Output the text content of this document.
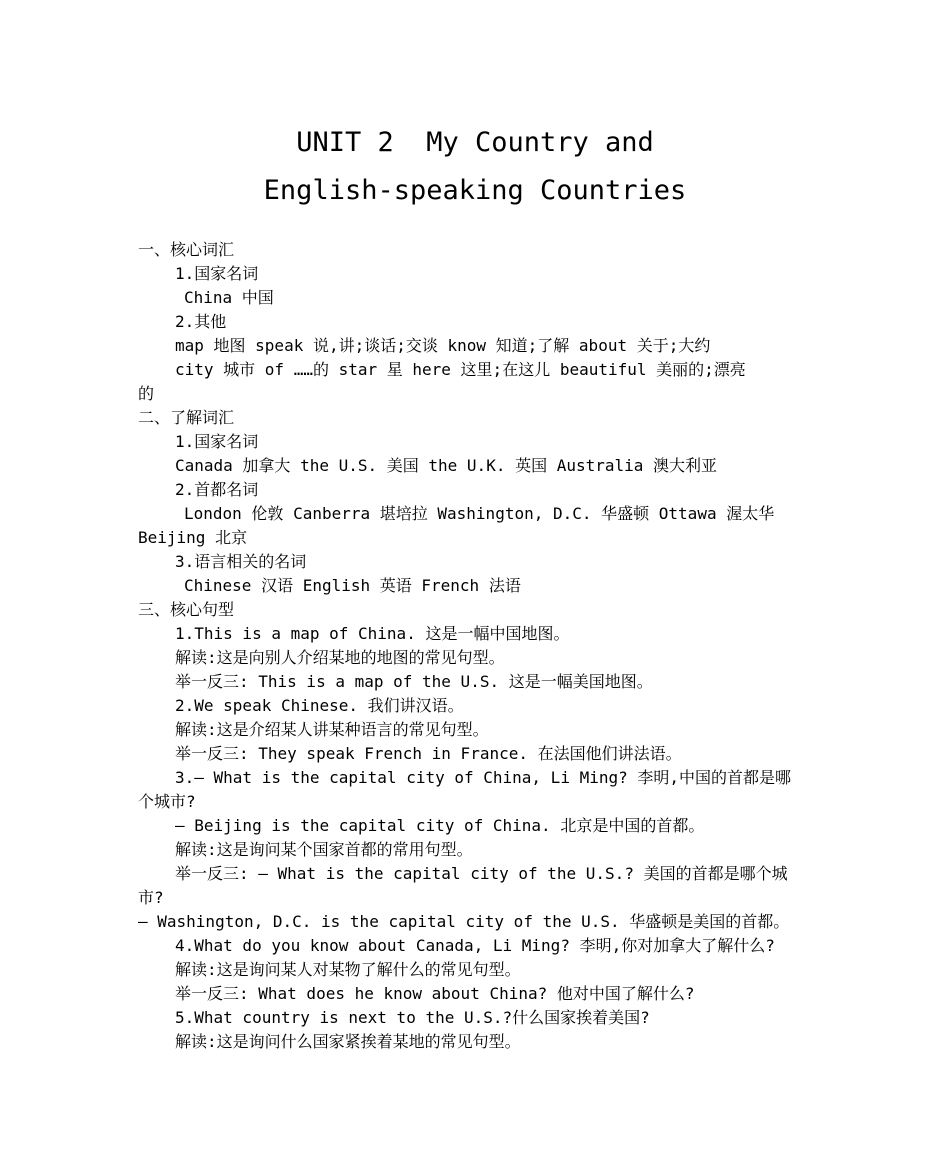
UNIT 2  My Country and
English-speaking Countries
一、核心词汇
1.国家名词
China 中国
2.其他
map 地图 speak 说,讲;谈话;交谈 know 知道;了解 about 关于;大约
city 城市 of ……的 star 星 here 这里;在这儿 beautiful 美丽的;漂亮
的
二、了解词汇
1.国家名词
Canada 加拿大 the U.S. 美国 the U.K. 英国 Australia 澳大利亚
2.首都名词
London 伦敦 Canberra 堪培拉 Washington, D.C. 华盛顿 Ottawa 渥太华
Beijing 北京
3.语言相关的名词
Chinese 汉语 English 英语 French 法语
三、核心句型
1.This is a map of China. 这是一幅中国地图。
解读:这是向别人介绍某地的地图的常见句型。
举一反三: This is a map of the U.S. 这是一幅美国地图。
2.We speak Chinese. 我们讲汉语。
解读:这是介绍某人讲某种语言的常见句型。
举一反三: They speak French in France. 在法国他们讲法语。
3.— What is the capital city of China, Li Ming? 李明,中国的首都是哪
个城市?
— Beijing is the capital city of China. 北京是中国的首都。
解读:这是询问某个国家首都的常用句型。
举一反三: — What is the capital city of the U.S.? 美国的首都是哪个城
市?
— Washington, D.C. is the capital city of the U.S. 华盛顿是美国的首都。
4.What do you know about Canada, Li Ming? 李明,你对加拿大了解什么?
解读:这是询问某人对某物了解什么的常见句型。
举一反三: What does he know about China? 他对中国了解什么?
5.What country is next to the U.S.?什么国家挨着美国?
解读:这是询问什么国家紧挨着某地的常见句型。
